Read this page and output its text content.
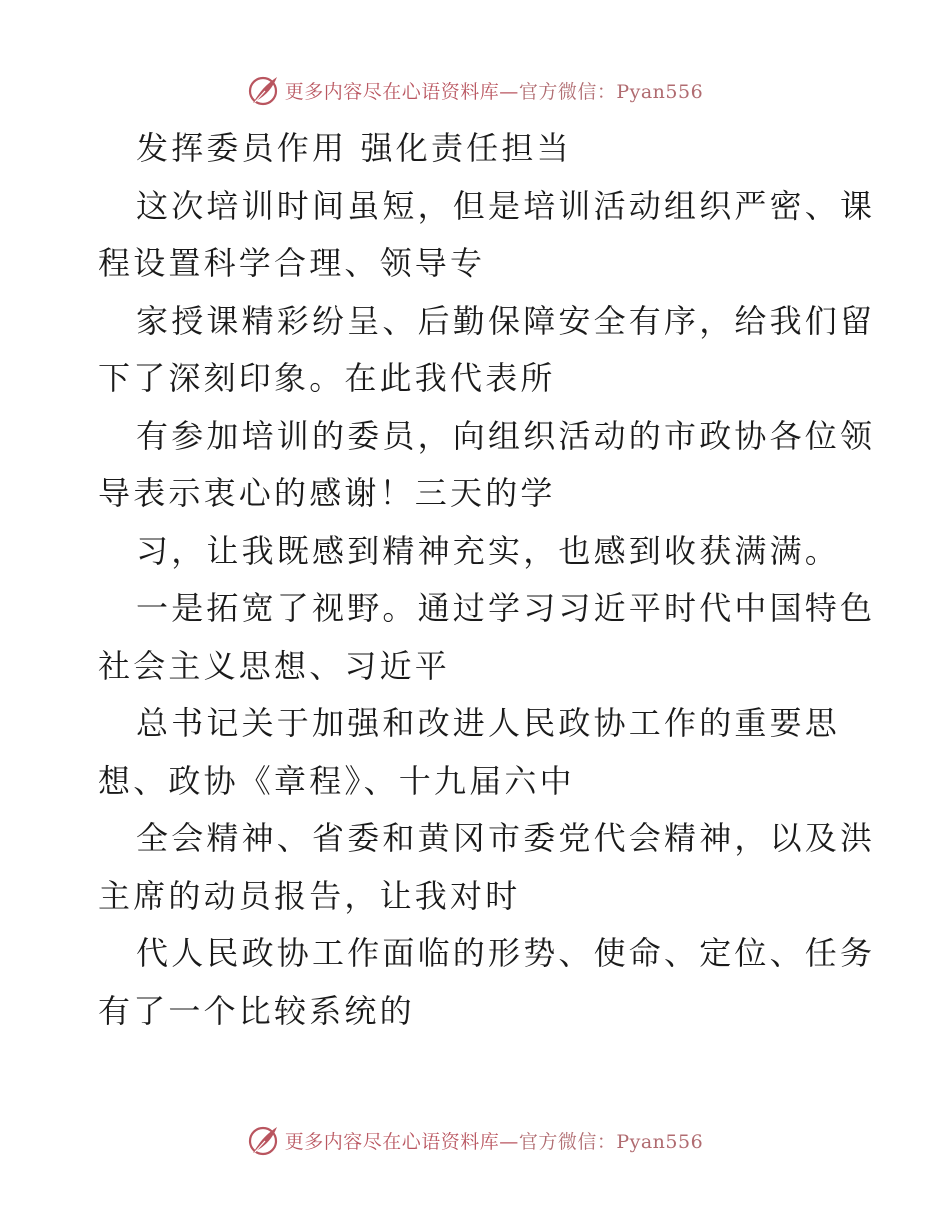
更多内容尽在心语资料库—官方微信：Pyan556
发挥委员作用 强化责任担当
这次培训时间虽短，但是培训活动组织严密、课
程设置科学合理、领导专
家授课精彩纷呈、后勤保障安全有序，给我们留
下了深刻印象。在此我代表所
有参加培训的委员，向组织活动的市政协各位领
导表示衷心的感谢！三天的学
习，让我既感到精神充实，也感到收获满满。
一是拓宽了视野。通过学习习近平时代中国特色
社会主义思想、习近平
总书记关于加强和改进人民政协工作的重要思
想、政协《章程》、十九届六中
全会精神、省委和黄冈市委党代会精神，以及洪
主席的动员报告，让我对时
代人民政协工作面临的形势、使命、定位、任务
有了一个比较系统的
更多内容尽在心语资料库—官方微信：Pyan556
